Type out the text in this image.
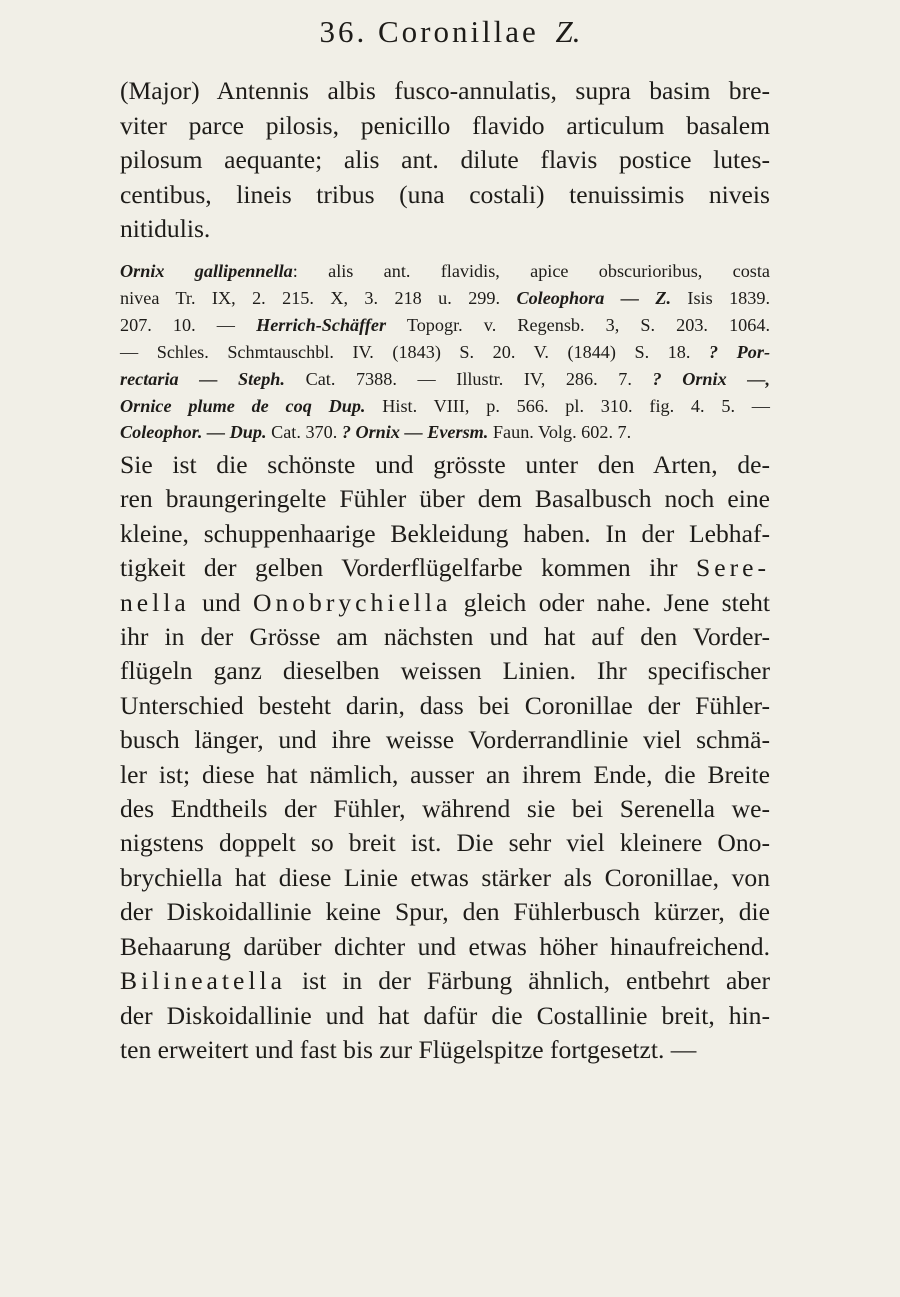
36. Coronillae Z.
(Major) Antennis albis fusco-annulatis, supra basim bre-
viter parce pilosis, penicillo flavido articulum basalem
pilosum aequante; alis ant. dilute flavis postice lutes-
centibus, lineis tribus (una costali) tenuissimis niveis
nitidulis.
Ornix gallipennella: alis ant. flavidis, apice obscurioribus, costa
nivea Tr. IX, 2. 215. X, 3. 218 u. 299. Coleophora — Z. Isis 1839.
207. 10. — Herrich-Schäffer Topogr. v. Regensb. 3, S. 203. 1064.
— Schles. Schmtauschbl. IV. (1843) S. 20. V. (1844) S. 18. ? Por-
rectaria — Steph. Cat. 7388. — Illustr. IV, 286. 7. ? Ornix —,
Ornice plume de coq Dup. Hist. VIII, p. 566. pl. 310. fig. 4. 5. —
Coleophor. — Dup. Cat. 370. ? Ornix — Eversm. Faun. Volg. 602. 7.
Sie ist die schönste und grösste unter den Arten, de-
ren braungeringelte Fühler über dem Basalbusch noch eine
kleine, schuppenhaarige Bekleidung haben. In der Lebhaf-
tigkeit der gelben Vorderflügelfarbe kommen ihr Sere-
nella und Onobrychiella gleich oder nahe. Jene steht
ihr in der Grösse am nächsten und hat auf den Vorder-
flügeln ganz dieselben weissen Linien. Ihr specifischer
Unterschied besteht darin, dass bei Coronillae der Fühler-
busch länger, und ihre weisse Vorderrandlinie viel schmä-
ler ist; diese hat nämlich, ausser an ihrem Ende, die Breite
des Endtheils der Fühler, während sie bei Serenella we-
nigstens doppelt so breit ist. Die sehr viel kleinere Ono-
brychiella hat diese Linie etwas stärker als Coronillae, von
der Diskoidallinie keine Spur, den Fühlerbusch kürzer, die
Behaarung darüber dichter und etwas höher hinaufreichend.
Bilineatella ist in der Färbung ähnlich, entbehrt aber
der Diskoidallinie und hat dafür die Costallinie breit, hin-
ten erweitert und fast bis zur Flügelspitze fortgesetzt. —
